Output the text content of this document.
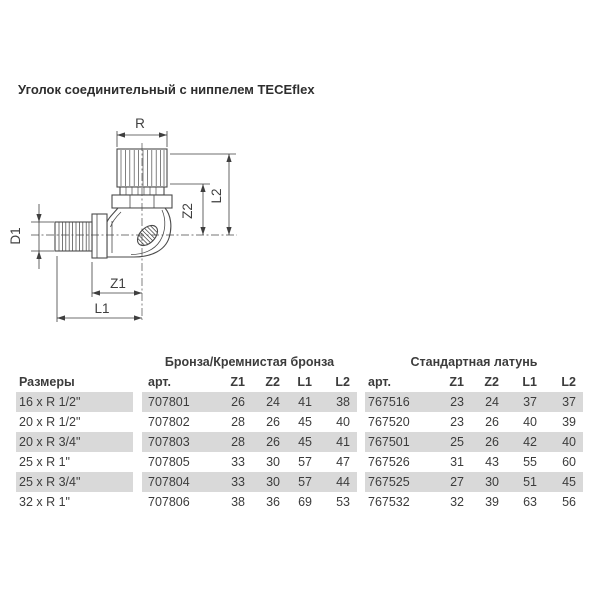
Уголок соединительный с ниппелем TECEflex
R
L2
Z2
Z1
L1
D1
Бронза/Кремнистая бронза	Стандартная латунь
Размеры	арт.	Z1	Z2	L1	L2	арт.	Z1	Z2	L1	L2
16 x R 1/2"	707801	26	24	41	38	767516	23	24	37	37
20 x R 1/2"	707802	28	26	45	40	767520	23	26	40	39
20 x R 3/4"	707803	28	26	45	41	767501	25	26	42	40
25 x R 1"	707805	33	30	57	47	767526	31	43	55	60
25 x R 3/4"	707804	33	30	57	44	767525	27	30	51	45
32 x R 1"	707806	38	36	69	53	767532	32	39	63	56
